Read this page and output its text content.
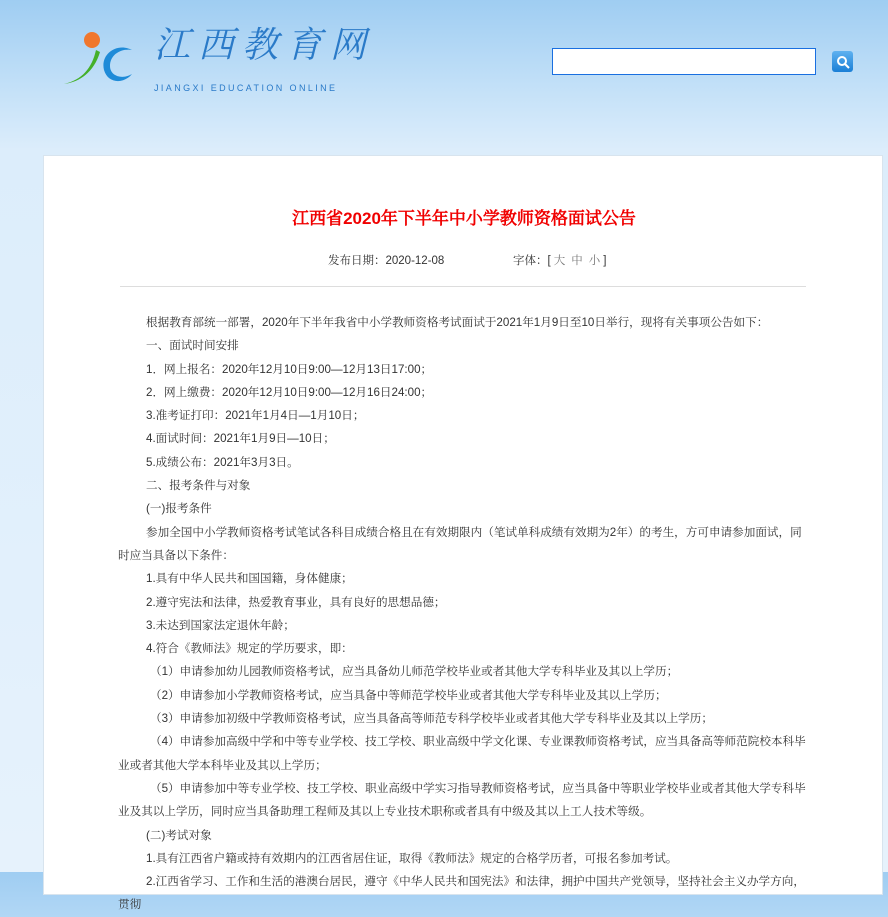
江西教育网
JIANGXI EDUCATION ONLINE
江西省2020年下半年中小学教师资格面试公告
发布日期：2020-12-08	字体：[ 大 中 小 ]

根据教育部统一部署，2020年下半年我省中小学教师资格考试面试于2021年1月9日至10日举行，现将有关事项公告如下：

一、面试时间安排

1．网上报名：2020年12月10日9:00—12月13日17:00；

2．网上缴费：2020年12月10日9:00—12月16日24:00；

3.准考证打印：2021年1月4日—1月10日；

4.面试时间：2021年1月9日—10日；

5.成绩公布：2021年3月3日。

二、报考条件与对象

(一)报考条件

参加全国中小学教师资格考试笔试各科目成绩合格且在有效期限内（笔试单科成绩有效期为2年）的考生，方可申请参加面试，同时应当具备以下条件：

1.具有中华人民共和国国籍，身体健康；

2.遵守宪法和法律，热爱教育事业，具有良好的思想品德；

3.未达到国家法定退休年龄；

4.符合《教师法》规定的学历要求，即：

（1）申请参加幼儿园教师资格考试，应当具备幼儿师范学校毕业或者其他大学专科毕业及其以上学历；

（2）申请参加小学教师资格考试，应当具备中等师范学校毕业或者其他大学专科毕业及其以上学历；

（3）申请参加初级中学教师资格考试，应当具备高等师范专科学校毕业或者其他大学专科毕业及其以上学历；

（4）申请参加高级中学和中等专业学校、技工学校、职业高级中学文化课、专业课教师资格考试，应当具备高等师范院校本科毕业或者其他大学本科毕业及其以上学历；

（5）申请参加中等专业学校、技工学校、职业高级中学实习指导教师资格考试，应当具备中等职业学校毕业或者其他大学专科毕业及其以上学历，同时应当具备助理工程师及其以上专业技术职称或者具有中级及其以上工人技术等级。

(二)考试对象

1.具有江西省户籍或持有效期内的江西省居住证，取得《教师法》规定的合格学历者，可报名参加考试。

2.江西省学习、工作和生活的港澳台居民，遵守《中华人民共和国宪法》和法律，拥护中国共产党领导，坚持社会主义办学方向，贯彻
